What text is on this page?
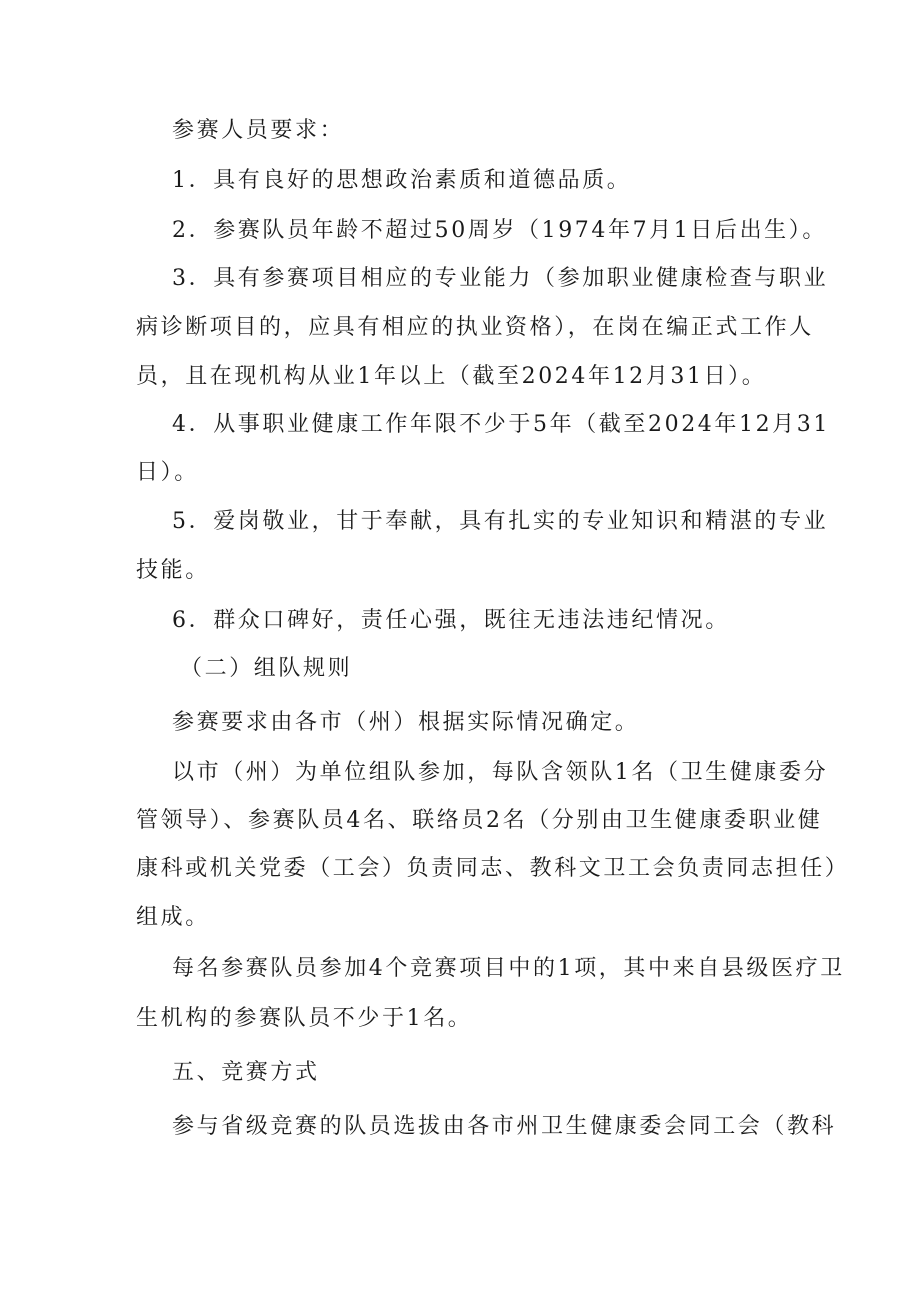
参赛人员要求：
1．具有良好的思想政治素质和道德品质。
2．参赛队员年龄不超过50周岁（1974年7月1日后出生）。
3．具有参赛项目相应的专业能力（参加职业健康检查与职业
病诊断项目的，应具有相应的执业资格），在岗在编正式工作人
员，且在现机构从业1年以上（截至2024年12月31日）。
4．从事职业健康工作年限不少于5年（截至2024年12月31
日）。
5．爱岗敬业，甘于奉献，具有扎实的专业知识和精湛的专业
技能。
6．群众口碑好，责任心强，既往无违法违纪情况。
（二）组队规则
参赛要求由各市（州）根据实际情况确定。
以市（州）为单位组队参加，每队含领队1名（卫生健康委分
管领导）、参赛队员4名、联络员2名（分别由卫生健康委职业健
康科或机关党委（工会）负责同志、教科文卫工会负责同志担任）
组成。
每名参赛队员参加4个竞赛项目中的1项，其中来自县级医疗卫
生机构的参赛队员不少于1名。
五、竞赛方式
参与省级竞赛的队员选拔由各市州卫生健康委会同工会（教科
